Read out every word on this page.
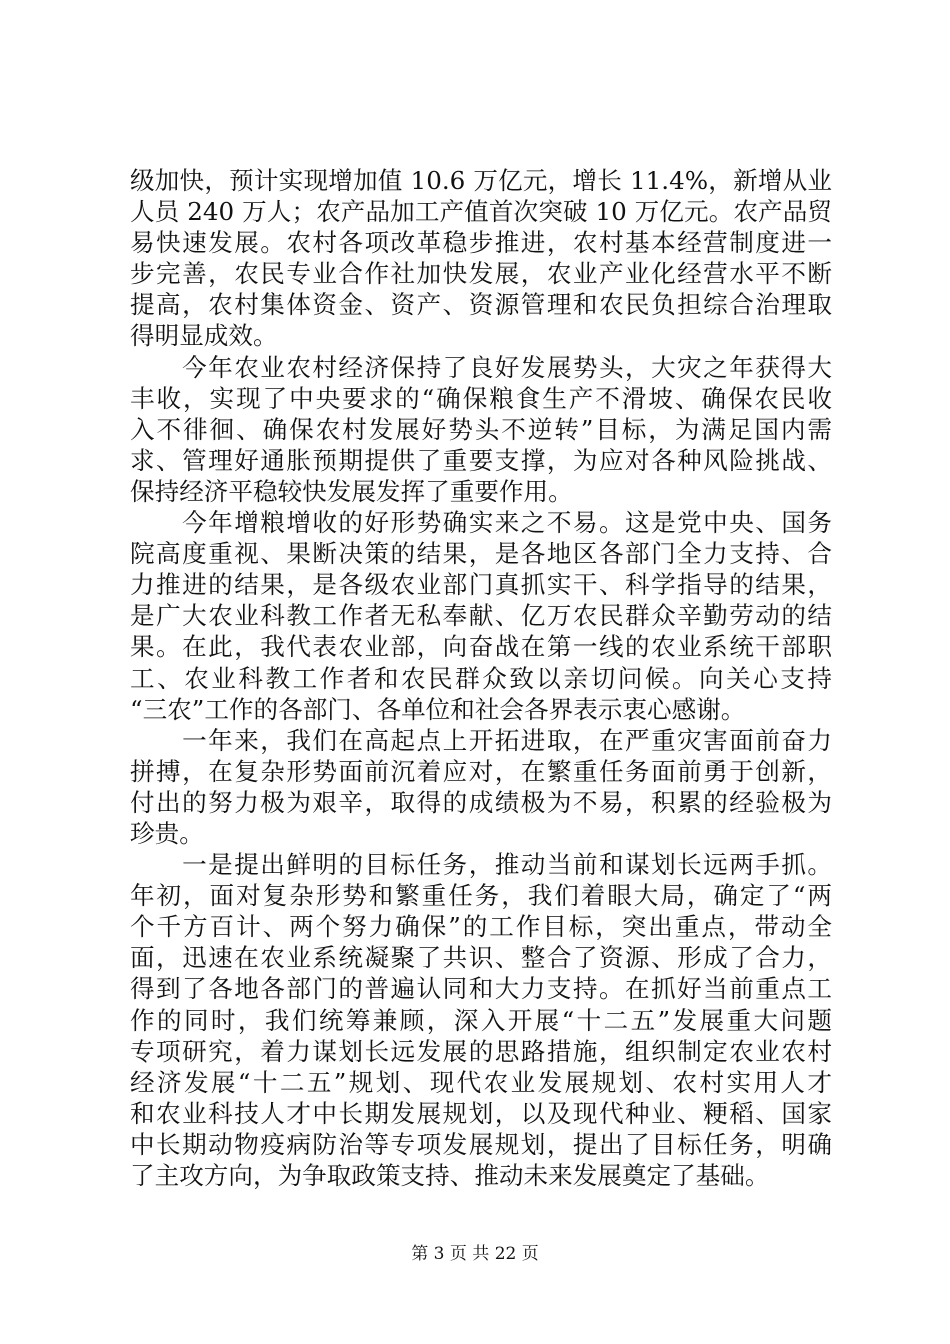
级加快，预计实现增加值 10.6 万亿元，增长 11.4%，新增从业
人员 240 万人；农产品加工产值首次突破 10 万亿元。农产品贸
易快速发展。农村各项改革稳步推进，农村基本经营制度进一
步完善，农民专业合作社加快发展，农业产业化经营水平不断
提高，农村集体资金、资产、资源管理和农民负担综合治理取
得明显成效。
　　今年农业农村经济保持了良好发展势头，大灾之年获得大
丰收，实现了中央要求的“确保粮食生产不滑坡、确保农民收
入不徘徊、确保农村发展好势头不逆转”目标，为满足国内需
求、管理好通胀预期提供了重要支撑，为应对各种风险挑战、
保持经济平稳较快发展发挥了重要作用。
　　今年增粮增收的好形势确实来之不易。这是党中央、国务
院高度重视、果断决策的结果，是各地区各部门全力支持、合
力推进的结果，是各级农业部门真抓实干、科学指导的结果，
是广大农业科教工作者无私奉献、亿万农民群众辛勤劳动的结
果。在此，我代表农业部，向奋战在第一线的农业系统干部职
工、农业科教工作者和农民群众致以亲切问候。向关心支持
“三农”工作的各部门、各单位和社会各界表示衷心感谢。
　　一年来，我们在高起点上开拓进取，在严重灾害面前奋力
拼搏，在复杂形势面前沉着应对，在繁重任务面前勇于创新，
付出的努力极为艰辛，取得的成绩极为不易，积累的经验极为
珍贵。
　　一是提出鲜明的目标任务，推动当前和谋划长远两手抓。
年初，面对复杂形势和繁重任务，我们着眼大局，确定了“两
个千方百计、两个努力确保”的工作目标，突出重点，带动全
面，迅速在农业系统凝聚了共识、整合了资源、形成了合力，
得到了各地各部门的普遍认同和大力支持。在抓好当前重点工
作的同时，我们统筹兼顾，深入开展“十二五”发展重大问题
专项研究，着力谋划长远发展的思路措施，组织制定农业农村
经济发展“十二五”规划、现代农业发展规划、农村实用人才
和农业科技人才中长期发展规划，以及现代种业、粳稻、国家
中长期动物疫病防治等专项发展规划，提出了目标任务，明确
了主攻方向，为争取政策支持、推动未来发展奠定了基础。
第 3 页 共 22 页
